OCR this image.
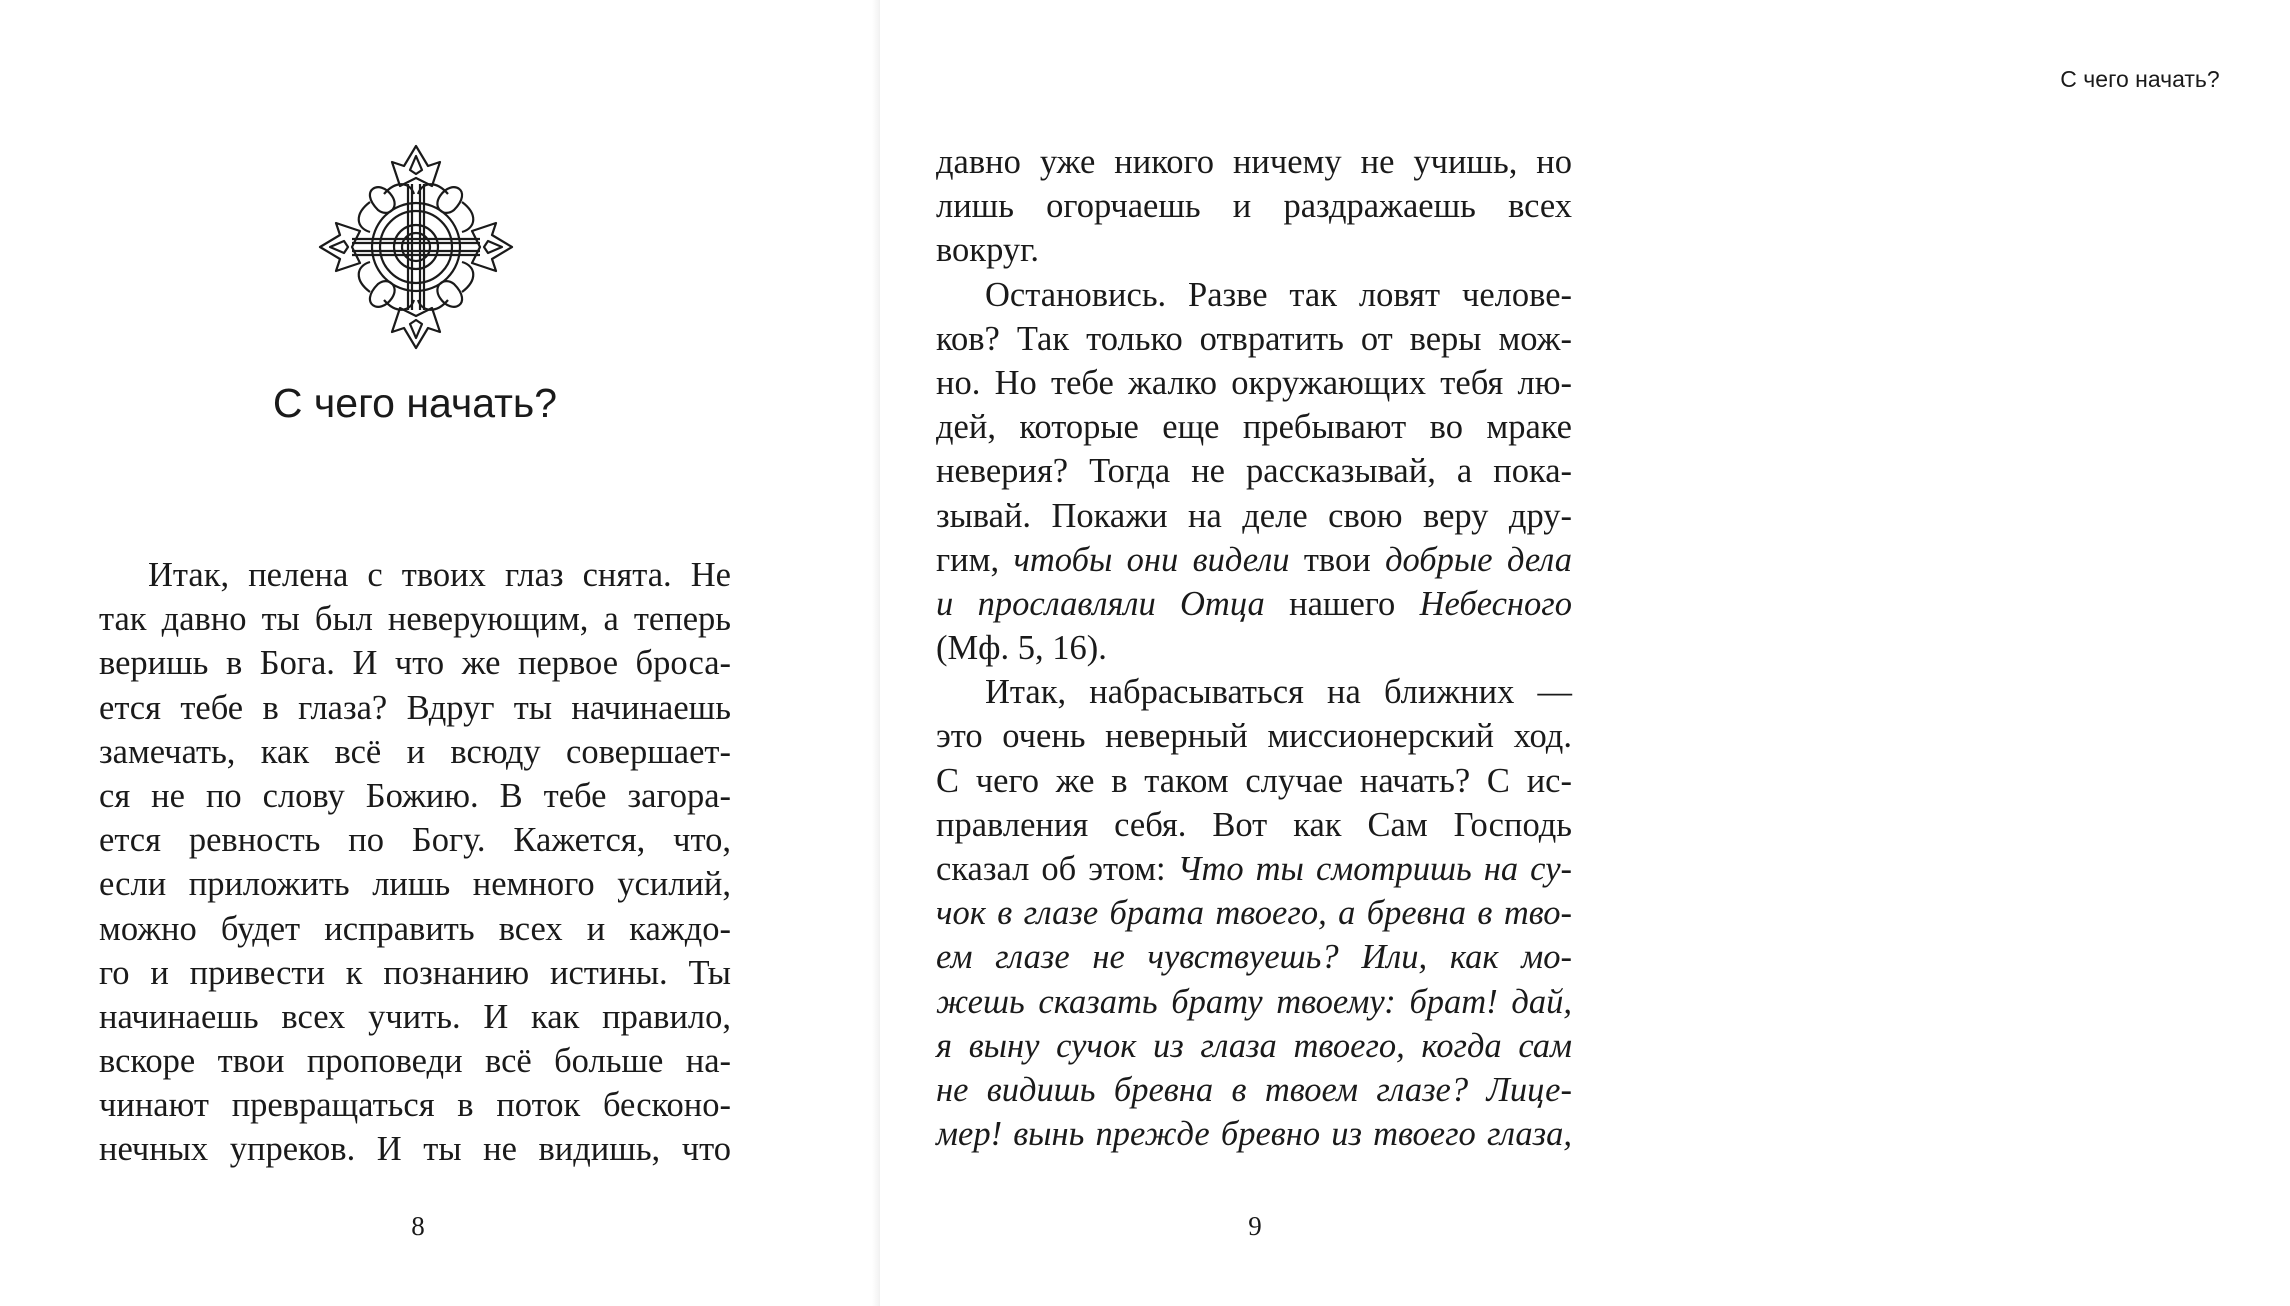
С чего начать?
Итак, пелена с твоих глаз снята. Не
так давно ты был неверующим, а теперь
веришь в Бога. И что же первое броса-
ется тебе в глаза? Вдруг ты начинаешь
замечать, как всё и всюду совершает-
ся не по слову Божию. В тебе загора-
ется ревность по Богу. Кажется, что,
если приложить лишь немного усилий,
можно будет исправить всех и каждо-
го и привести к познанию истины. Ты
начинаешь всех учить. И как правило,
вскоре твои проповеди всё больше на-
чинают превращаться в поток бесконо-
нечных упреков. И ты не видишь, что
8
С чего начать?
давно уже никого ничему не учишь, но
лишь огорчаешь и раздражаешь всех
вокруг.
Остановись. Разве так ловят челове-
ков? Так только отвратить от веры мож-
но. Но тебе жалко окружающих тебя лю-
дей, которые еще пребывают во мраке
неверия? Тогда не рассказывай, а пока-
зывай. Покажи на деле свою веру дру-
гим, чтобы они видели твои добрые дела
и прославляли Отца нашего Небесного
(Мф. 5, 16).
Итак, набрасываться на ближних —
это очень неверный миссионерский ход.
С чего же в таком случае начать? С ис-
правления себя. Вот как Сам Господь
сказал об этом: Что ты смотришь на су-
чок в глазе брата твоего, а бревна в тво-
ем глазе не чувствуешь? Или, как мо-
жешь сказать брату твоему: брат! дай,
я выну сучок из глаза твоего, когда сам
не видишь бревна в твоем глазе? Лице-
мер! вынь прежде бревно из твоего глаза,
9
